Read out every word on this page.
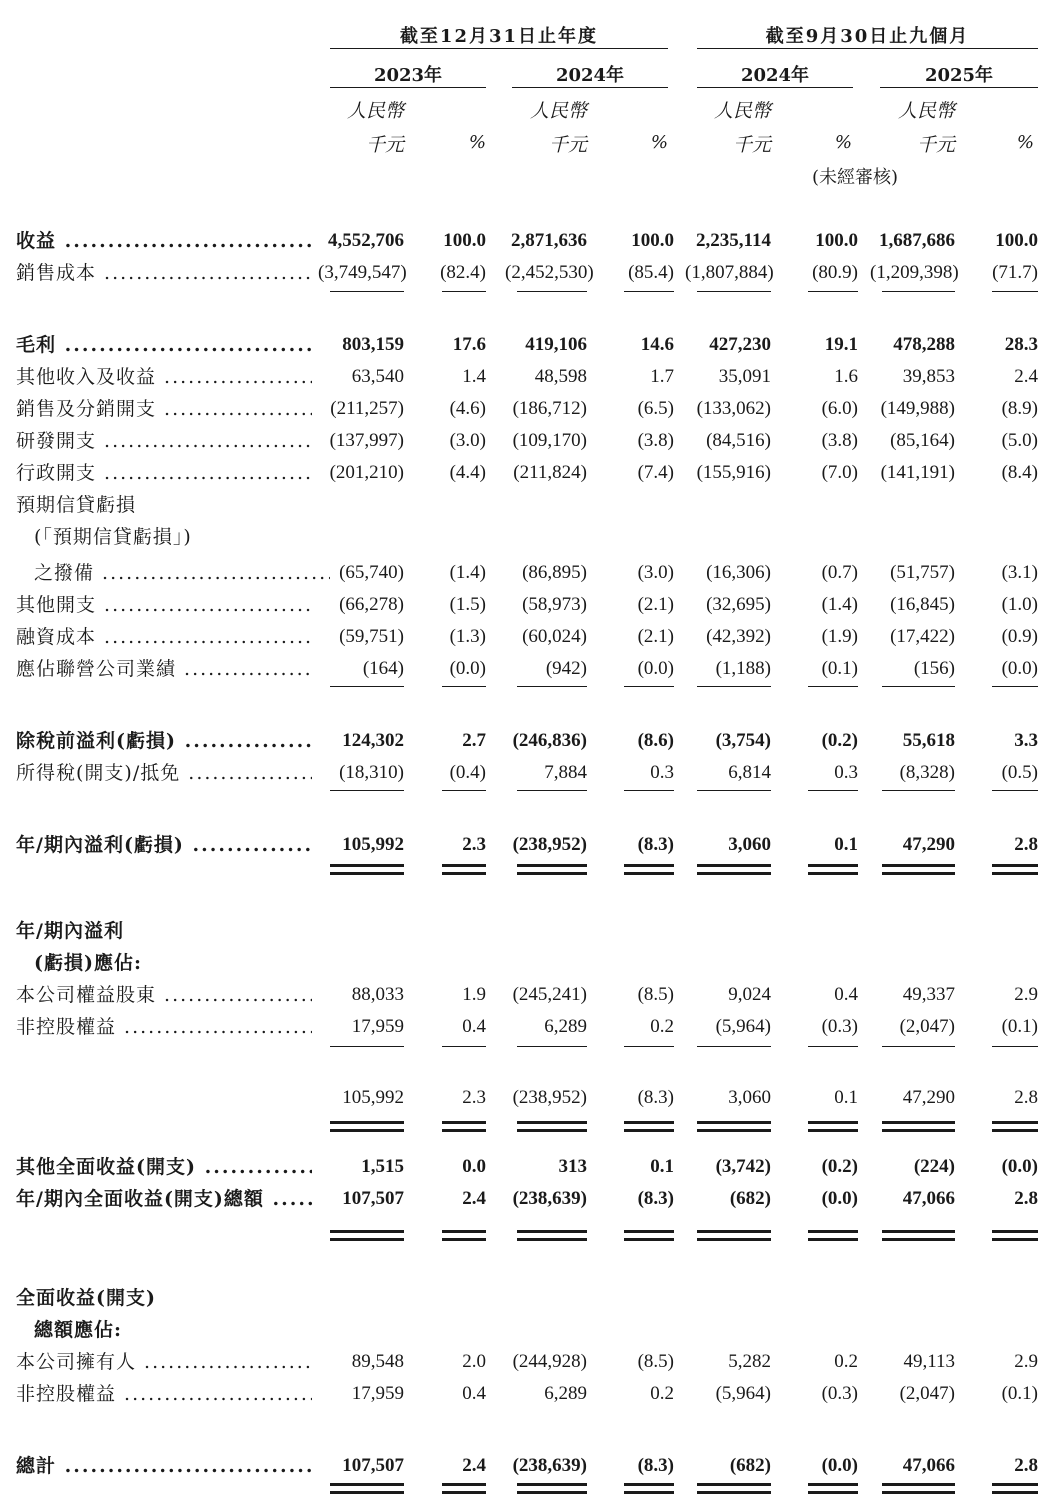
截至12月31日止年度	截至9月30日止九個月
2023年	2024年	2024年	2025年
人民幣
千元	%
人民幣
千元	%
人民幣
千元	%
人民幣
千元	%
(未經審核)
收益 .....	4,552,706	100.0	2,871,636	100.0	2,235,114	100.0	1,687,686	100.0
銷售成本 .....	(3,749,547)	(82.4) (2,452,530)	(85.4) (1,807,884)	(80.9) (1,209,398)	(71.7)
毛利 .....	803,159	17.6	419,106	14.6	427,230	19.1	478,288	28.3
其他收入及收益 .....	63,540	1.4	48,598	1.7	35,091	1.6	39,853	2.4
銷售及分銷開支 .....	(211,257)	(4.6)	(186,712)	(6.5)	(133,062)	(6.0)	(149,988)	(8.9)
研發開支 .....	(137,997)	(3.0)	(109,170)	(3.8)	(84,516)	(3.8)	(85,164)	(5.0)
行政開支 .....	(201,210)	(4.4)	(211,824)	(7.4)	(155,916)	(7.0)	(141,191)	(8.4)
預期信貸虧損
(「預期信貸虧損」)
之撥備 .....	(65,740)	(1.4)	(86,895)	(3.0)	(16,306)	(0.7)	(51,757)	(3.1)
其他開支 .....	(66,278)	(1.5)	(58,973)	(2.1)	(32,695)	(1.4)	(16,845)	(1.0)
融資成本 .....	(59,751)	(1.3)	(60,024)	(2.1)	(42,392)	(1.9)	(17,422)	(0.9)
應佔聯營公司業績 .....	(164)	(0.0)	(942)	(0.0)	(1,188)	(0.1)	(156)	(0.0)
除稅前溢利(虧損) .....	124,302	2.7	(246,836)	(8.6)	(3,754)	(0.2)	55,618	3.3
所得稅(開支)/抵免 .....	(18,310)	(0.4)	7,884	0.3	6,814	0.3	(8,328)	(0.5)
年/期內溢利(虧損) .....	105,992	2.3	(238,952)	(8.3)	3,060	0.1	47,290	2.8
年/期內溢利
(虧損)應佔:
本公司權益股東 .....	88,033	1.9	(245,241)	(8.5)	9,024	0.4	49,337	2.9
非控股權益 .....	17,959	0.4	6,289	0.2	(5,964)	(0.3)	(2,047)	(0.1)
105,992	2.3	(238,952)	(8.3)	3,060	0.1	47,290	2.8
其他全面收益(開支) .....	1,515	0.0	313	0.1	(3,742)	(0.2)	(224)	(0.0)
年/期內全面收益(開支)總額 .....	107,507	2.4	(238,639)	(8.3)	(682)	(0.0)	47,066	2.8
全面收益(開支)
總額應佔:
本公司擁有人 .....	89,548	2.0	(244,928)	(8.5)	5,282	0.2	49,113	2.9
非控股權益 .....	17,959	0.4	6,289	0.2	(5,964)	(0.3)	(2,047)	(0.1)
總計 .....	107,507	2.4	(238,639)	(8.3)	(682)	(0.0)	47,066	2.8
